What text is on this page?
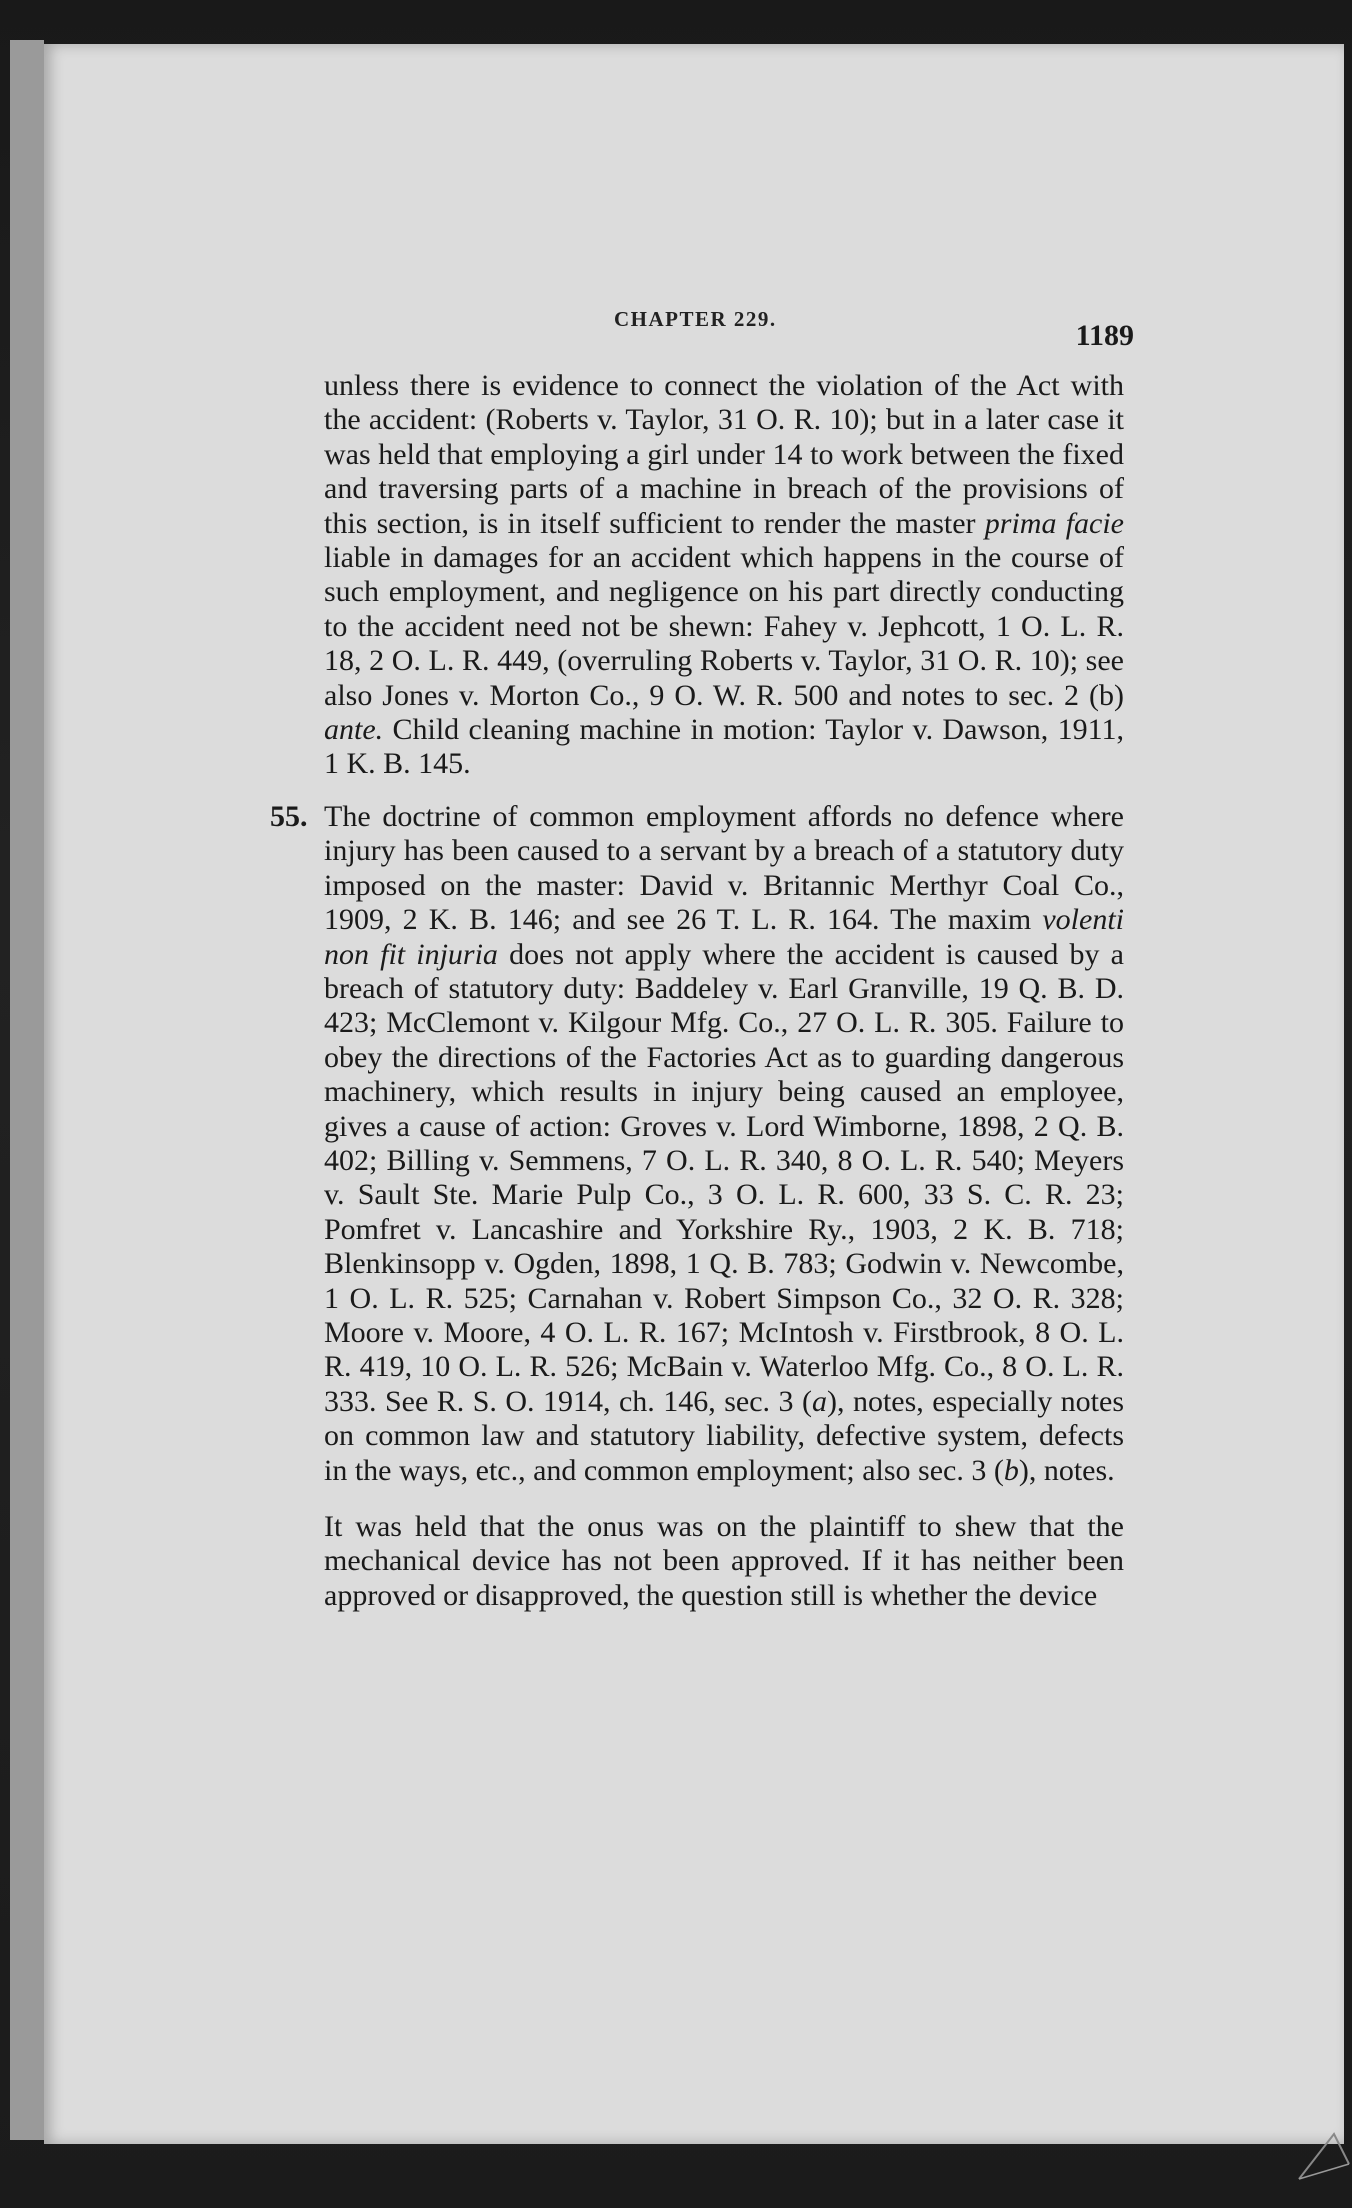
CHAPTER 229.	1189

unless there is evidence to connect the violation of the Act with the accident: (Roberts v. Taylor, 31 O. R. 10); but in a later case it was held that employing a girl under 14 to work between the fixed and traversing parts of a machine in breach of the provisions of this section, is in itself sufficient to render the master prima facie liable in damages for an accident which happens in the course of such employment, and negligence on his part directly conducting to the accident need not be shewn: Fahey v. Jephcott, 1 O. L. R. 18, 2 O. L. R. 449, (overruling Roberts v. Taylor, 31 O. R. 10); see also Jones v. Morton Co., 9 O. W. R. 500 and notes to sec. 2 (b) ante. Child cleaning machine in motion: Taylor v. Dawson, 1911, 1 K. B. 145.

55. The doctrine of common employment affords no defence where injury has been caused to a servant by a breach of a statutory duty imposed on the master: David v. Britannic Merthyr Coal Co., 1909, 2 K. B. 146; and see 26 T. L. R. 164. The maxim volenti non fit injuria does not apply where the accident is caused by a breach of statutory duty: Baddeley v. Earl Granville, 19 Q. B. D. 423; McClemont v. Kilgour Mfg. Co., 27 O. L. R. 305. Failure to obey the directions of the Factories Act as to guarding dangerous machinery, which results in injury being caused an employee, gives a cause of action: Groves v. Lord Wimborne, 1898, 2 Q. B. 402; Billing v. Semmens, 7 O. L. R. 340, 8 O. L. R. 540; Meyers v. Sault Ste. Marie Pulp Co., 3 O. L. R. 600, 33 S. C. R. 23; Pomfret v. Lancashire and Yorkshire Ry., 1903, 2 K. B. 718; Blenkinsopp v. Ogden, 1898, 1 Q. B. 783; Godwin v. Newcombe, 1 O. L. R. 525; Carnahan v. Robert Simpson Co., 32 O. R. 328; Moore v. Moore, 4 O. L. R. 167; McIntosh v. Firstbrook, 8 O. L. R. 419, 10 O. L. R. 526; McBain v. Waterloo Mfg. Co., 8 O. L. R. 333. See R. S. O. 1914, ch. 146, sec. 3 (a), notes, especially notes on common law and statutory liability, defective system, defects in the ways, etc., and common employment; also sec. 3 (b), notes.

It was held that the onus was on the plaintiff to shew that the mechanical device has not been approved. If it has neither been approved or disapproved, the question still is whether the device
